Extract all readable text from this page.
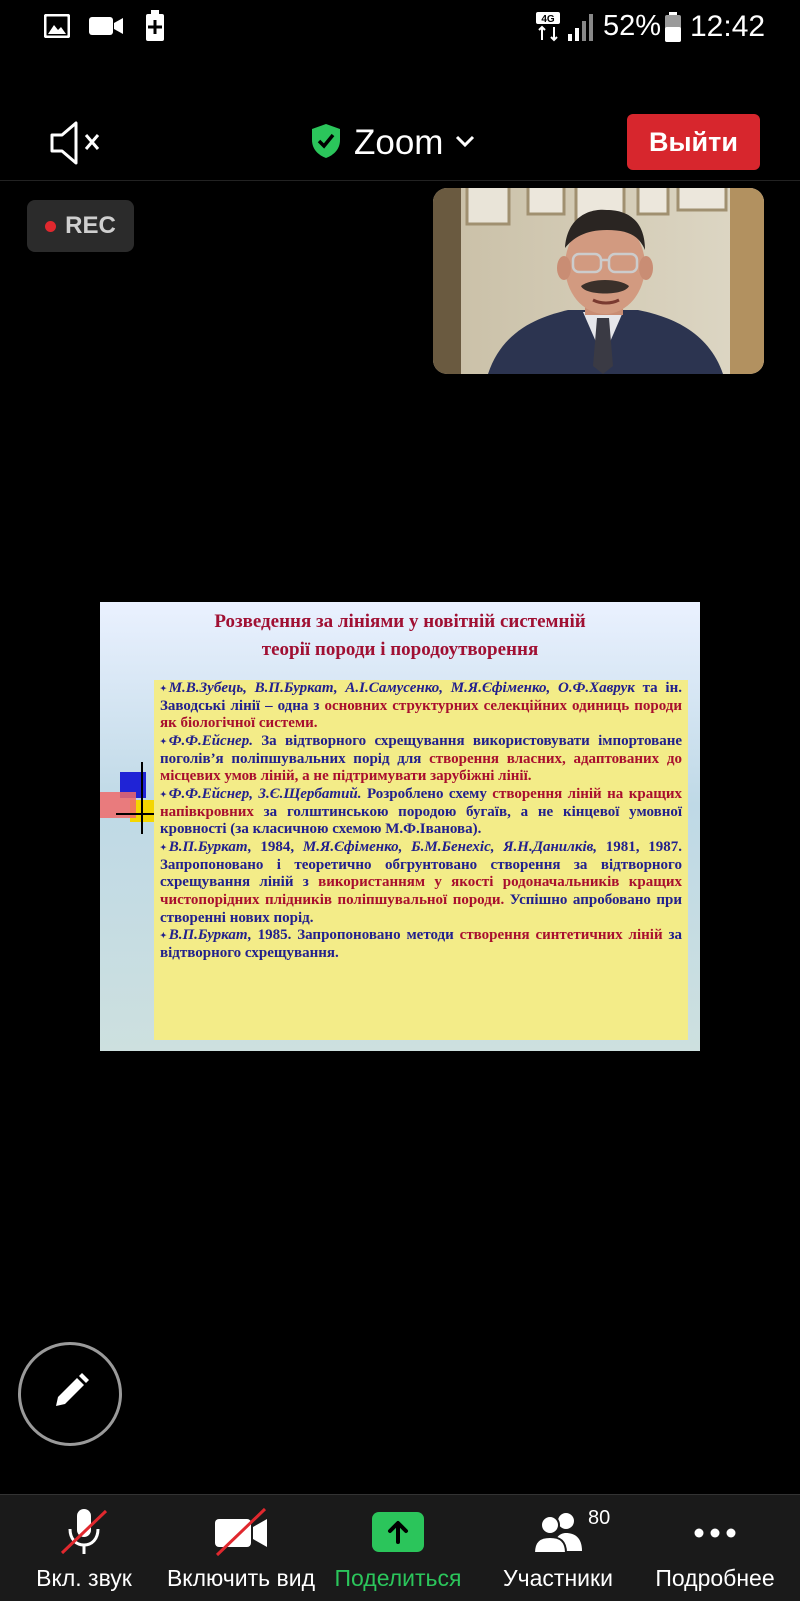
4G 52% 12:42
Zoom	Выйти
REC
Розведення за лініями у новітній системній
теорії породи і породоутворення
✦ М.В.Зубець, В.П.Буркат, А.І.Самусенко, М.Я.Єфіменко, О.Ф.Хаврук та ін. Заводські лінії – одна з основних структурних селекційних одиниць породи як біологічної системи.
✦ Ф.Ф.Ейснер. За відтворного схрещування використовувати імпортоване поголів’я поліпшувальних порід для створення власних, адаптованих до місцевих умов ліній, а не підтримувати зарубіжні лінії.
✦ Ф.Ф.Ейснер, З.Є.Щербатий. Розроблено схему створення ліній на кращих напівкровних за голштинською породою бугаїв, а не кінцевої умовної кровності (за класичною схемою М.Ф.Іванова).
✦ В.П.Буркат, 1984, М.Я.Єфіменко, Б.М.Бенехіс, Я.Н.Данилків, 1981, 1987. Запропоновано і теоретично обгрунтовано створення за відтворного схрещування ліній з використанням у якості родоначальників кращих чистопорідних плідників поліпшувальної породи. Успішно апробовано при створенні нових порід.
✦ В.П.Буркат, 1985. Запропоновано методи створення синтетичних ліній за відтворного схрещування.
Вкл. звук Включить вид Поделиться Участники
80
Подробнее
